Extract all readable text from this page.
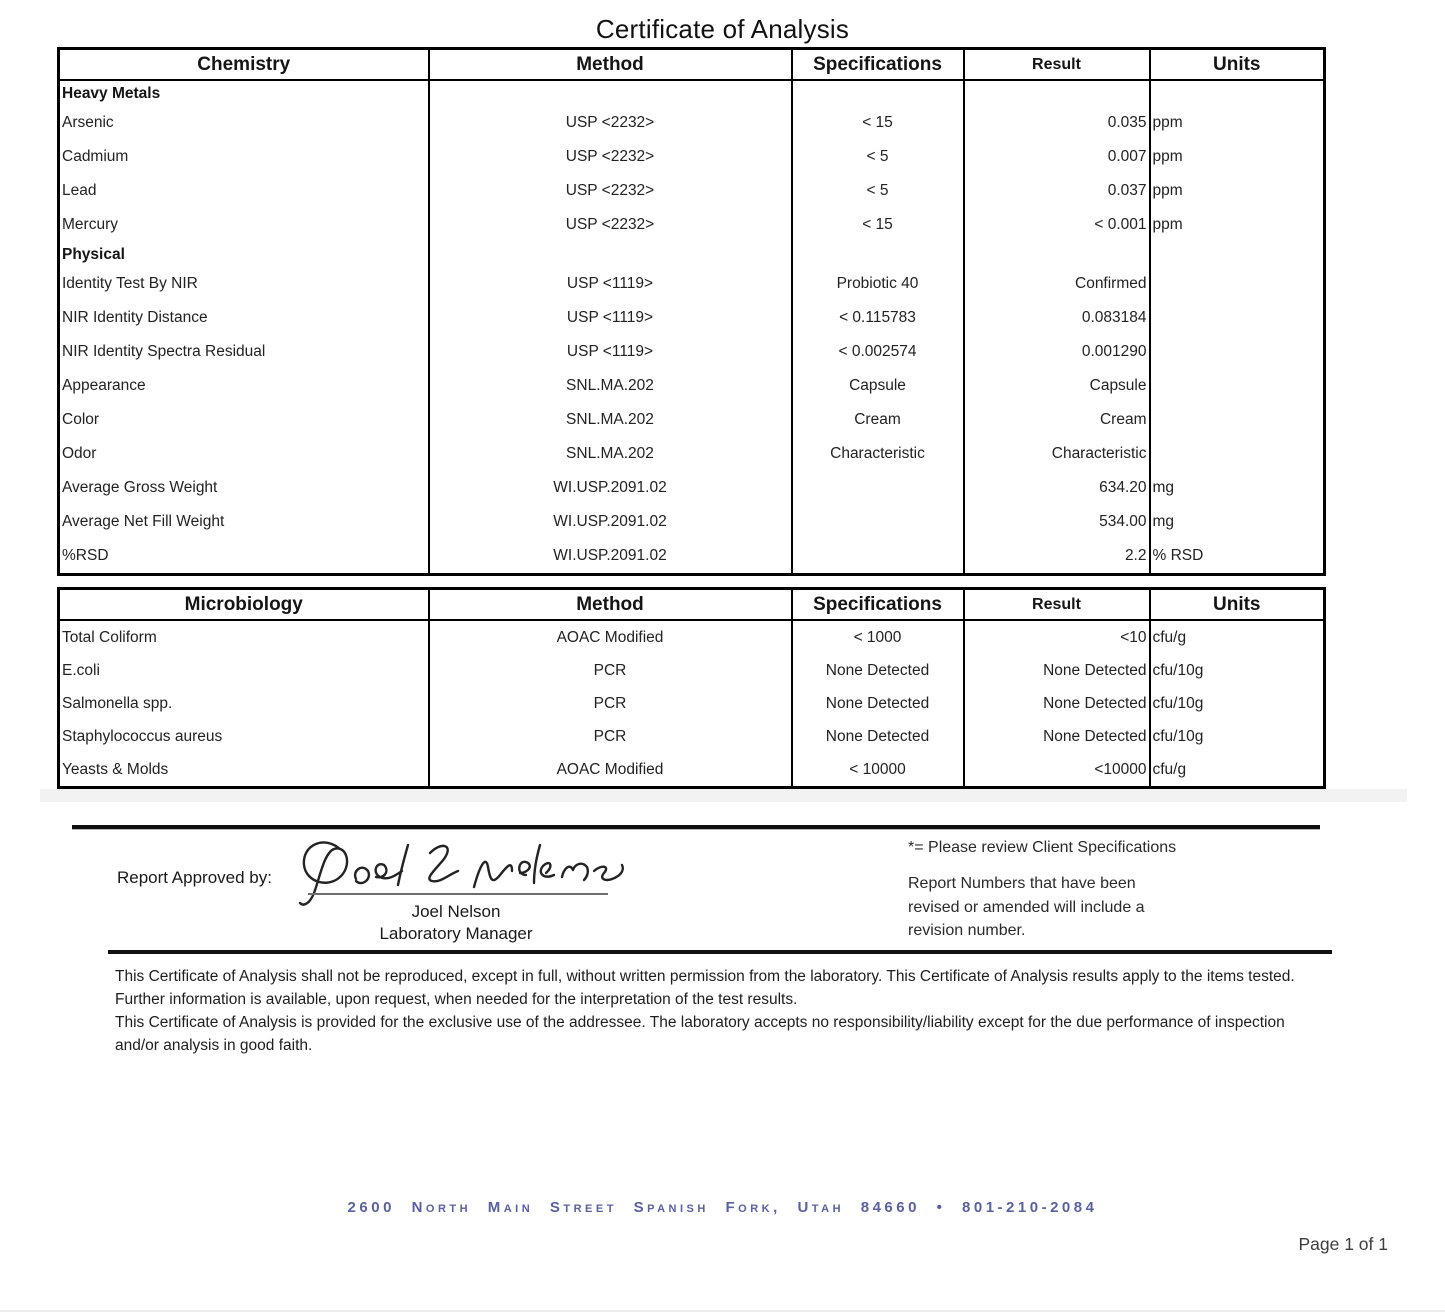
Certificate of Analysis
Chemistry	Method	Specifications	Result	Units
Heavy Metals				
Arsenic	USP <2232>	< 15	0.035	ppm
Cadmium	USP <2232>	< 5	0.007	ppm
Lead	USP <2232>	< 5	0.037	ppm
Mercury	USP <2232>	< 15	< 0.001	ppm
Physical				
Identity Test By NIR	USP <1119>	Probiotic 40	Confirmed	
NIR Identity Distance	USP <1119>	< 0.115783	0.083184	
NIR Identity Spectra Residual	USP <1119>	< 0.002574	0.001290	
Appearance	SNL.MA.202	Capsule	Capsule	
Color	SNL.MA.202	Cream	Cream	
Odor	SNL.MA.202	Characteristic	Characteristic	
Average Gross Weight	WI.USP.2091.02		634.20	mg
Average Net Fill Weight	WI.USP.2091.02		534.00	mg
%RSD	WI.USP.2091.02		2.2	% RSD
Microbiology	Method	Specifications	Result	Units
Total Coliform	AOAC Modified	< 1000	<10	cfu/g
E.coli	PCR	None Detected	None Detected	cfu/10g
Salmonella spp.	PCR	None Detected	None Detected	cfu/10g
Staphylococcus aureus	PCR	None Detected	None Detected	cfu/10g
Yeasts & Molds	AOAC Modified	< 10000	<10000	cfu/g
Report Approved by:
Joel Nelson
Laboratory Manager
*= Please review Client Specifications
Report Numbers that have been revised or amended will include a revision number.

This Certificate of Analysis shall not be reproduced, except in full, without written permission from the laboratory. This Certificate of Analysis results apply to the items tested. Further information is available, upon request, when needed for the interpretation of the test results.

This Certificate of Analysis is provided for the exclusive use of the addressee. The laboratory accepts no responsibility/liability except for the due performance of inspection and/or analysis in good faith.

2600 North Main Street Spanish Fork, Utah 84660 • 801-210-2084
Page 1 of 1
